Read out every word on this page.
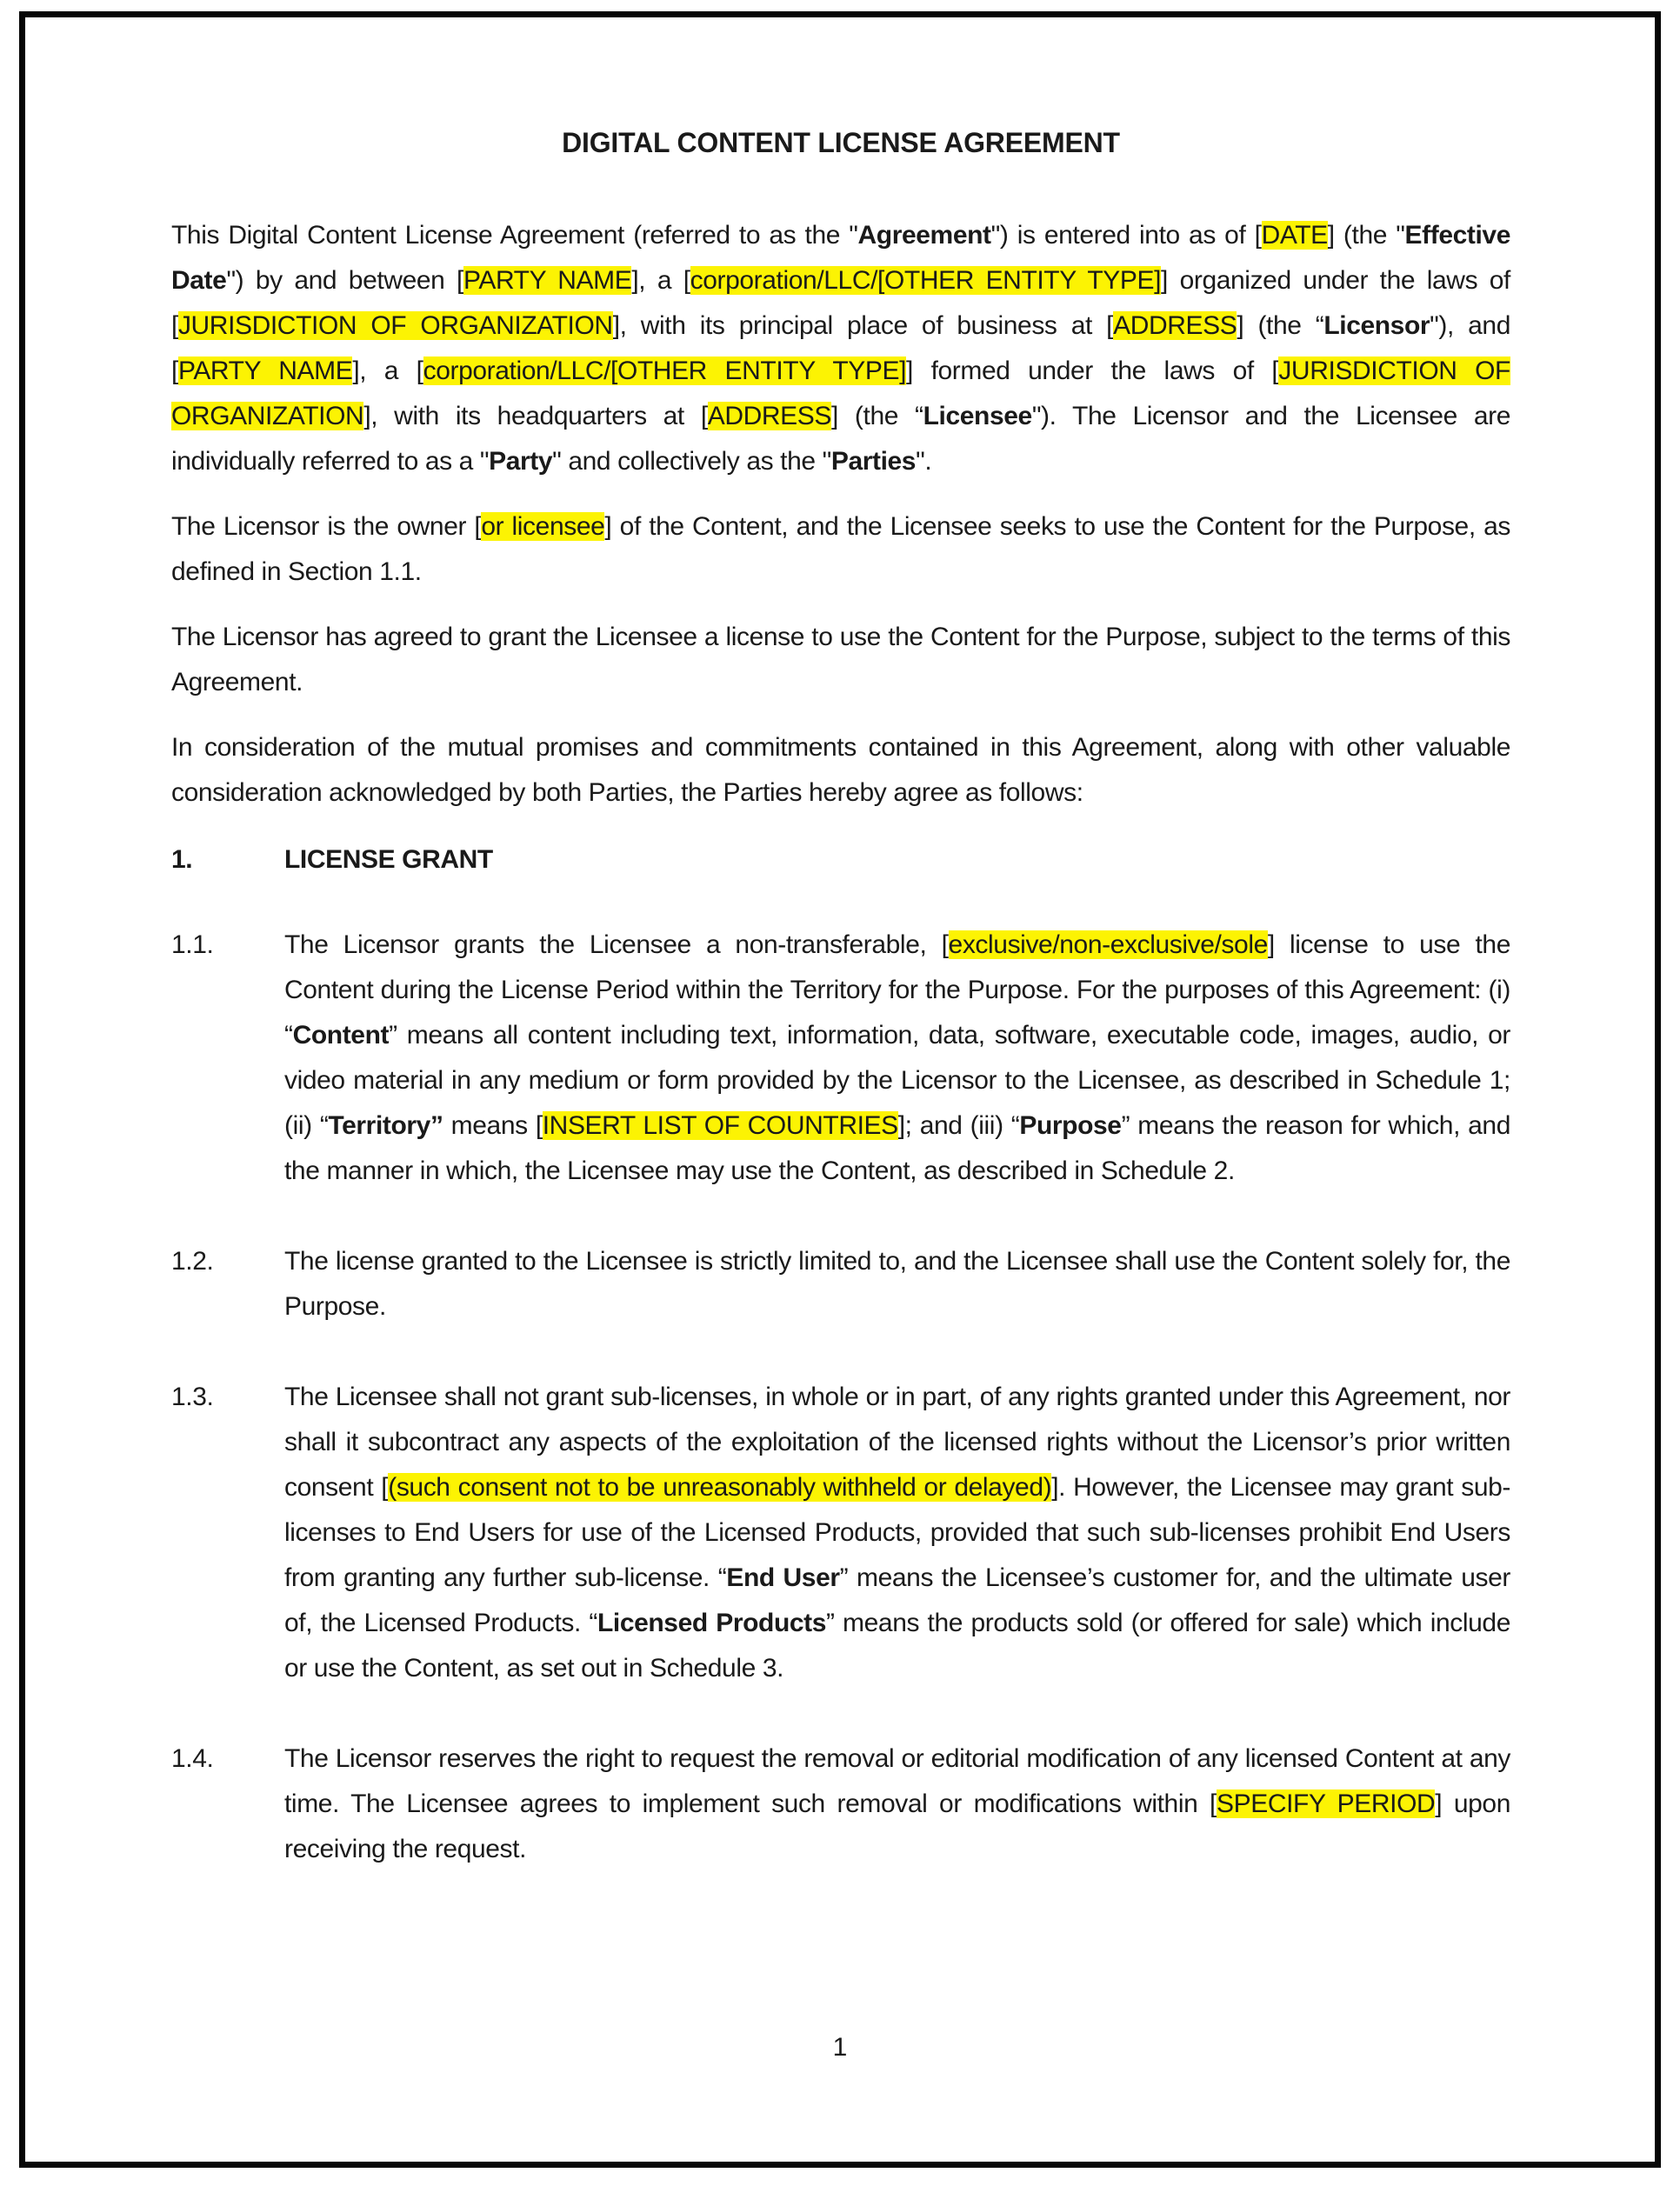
DIGITAL CONTENT LICENSE AGREEMENT
This Digital Content License Agreement (referred to as the "Agreement") is entered into as of [DATE] (the "Effective Date") by and between [PARTY NAME], a [corporation/LLC/[OTHER ENTITY TYPE]] organized under the laws of [JURISDICTION OF ORGANIZATION], with its principal place of business at [ADDRESS] (the “Licensor"), and [PARTY NAME], a [corporation/LLC/[OTHER ENTITY TYPE]] formed under the laws of [JURISDICTION OF ORGANIZATION], with its headquarters at [ADDRESS] (the “Licensee"). The Licensor and the Licensee are individually referred to as a "Party" and collectively as the "Parties".
The Licensor is the owner [or licensee] of the Content, and the Licensee seeks to use the Content for the Purpose, as defined in Section 1.1.
The Licensor has agreed to grant the Licensee a license to use the Content for the Purpose, subject to the terms of this Agreement.
In consideration of the mutual promises and commitments contained in this Agreement, along with other valuable consideration acknowledged by both Parties, the Parties hereby agree as follows:
1.	LICENSE GRANT
1.1.	The Licensor grants the Licensee a non-transferable, [exclusive/non-exclusive/sole] license to use the Content during the License Period within the Territory for the Purpose. For the purposes of this Agreement: (i) “Content” means all content including text, information, data, software, executable code, images, audio, or video material in any medium or form provided by the Licensor to the Licensee, as described in Schedule 1; (ii) “Territory” means [INSERT LIST OF COUNTRIES]; and (iii) “Purpose” means the reason for which, and the manner in which, the Licensee may use the Content, as described in Schedule 2.
1.2.	The license granted to the Licensee is strictly limited to, and the Licensee shall use the Content solely for, the Purpose.
1.3.	The Licensee shall not grant sub-licenses, in whole or in part, of any rights granted under this Agreement, nor shall it subcontract any aspects of the exploitation of the licensed rights without the Licensor’s prior written consent [(such consent not to be unreasonably withheld or delayed)]. However, the Licensee may grant sub-licenses to End Users for use of the Licensed Products, provided that such sub-licenses prohibit End Users from granting any further sub-license. “End User” means the Licensee’s customer for, and the ultimate user of, the Licensed Products. “Licensed Products” means the products sold (or offered for sale) which include or use the Content, as set out in Schedule 3.
1.4.	The Licensor reserves the right to request the removal or editorial modification of any licensed Content at any time. The Licensee agrees to implement such removal or modifications within [SPECIFY PERIOD] upon receiving the request.
1
